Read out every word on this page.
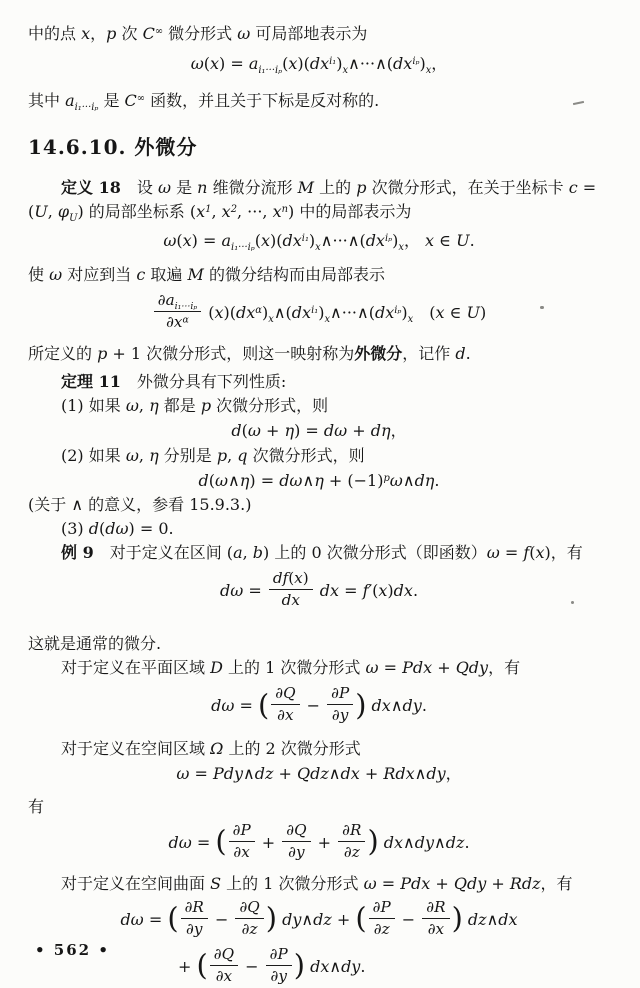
中的点 x，p 次 C∞ 微分形式 ω 可局部地表示为
$\omega(x) = a_{i_1\cdot\cdot\cdot i_p}(x)(dx^{i_1})_x\wedge\cdot\cdot\cdot\wedge(dx^{i_p})_x$，
其中 $a_{i_1\cdot\cdot\cdot i_p}$ 是 C∞ 函数，并且关于下标是反对称的.
14.6.10. 外微分
定义 18　设 ω 是 n 维微分流形 M 上的 p 次微分形式，在关于坐标卡 c =
(U, $\varphi_U$) 的局部坐标系 ($x^1$, $x^2$, ···, $x^n$) 中的局部表示为
$\omega(x) = a_{i_1\cdot\cdot\cdot i_p}(x)(dx^{i_1})_x\wedge\cdot\cdot\cdot\wedge(dx^{i_p})_x$， x ∈ U.
使 ω 对应到当 c 取遍 M 的微分结构而由局部表示
$\frac{\partial a_{i_1\cdot\cdot\cdot i_p}}{\partial x^\alpha}$ $(x)(dx^\alpha)_x\wedge(dx^{i_1})_x\wedge\cdot\cdot\cdot\wedge(dx^{i_p})_x$　(x ∈ U)
所定义的 p + 1 次微分形式，则这一映射称为外微分，记作 d.
定理 11　外微分具有下列性质:
(1) 如果 ω, η 都是 p 次微分形式，则
d(ω + η) = dω + dη，
(2) 如果 ω, η 分别是 p, q 次微分形式，则
d(ω∧η) = dω∧η + $(-1)^p\omega\wedge d\eta$.
(关于 ∧ 的意义，参看 15.9.3.)
(3) d(dω) = 0.
例 9　对于定义在区间 (a, b) 上的 0 次微分形式（即函数）ω = f(x)，有
$d\omega = \frac{df(x)}{dx}$ dx = f′(x)dx.
这就是通常的微分.
对于定义在平面区域 D 上的 1 次微分形式 ω = Pdx + Qdy，有
dω = ( $\frac{\partial Q}{\partial x} - \frac{\partial P}{\partial y}$ ) dx∧dy.
对于定义在空间区域 Ω 上的 2 次微分形式
ω = Pdy∧dz + Qdz∧dx + Rdx∧dy，
有
dω = ( $\frac{\partial P}{\partial x} + \frac{\partial Q}{\partial y} + \frac{\partial R}{\partial z}$ ) dx∧dy∧dz.
对于定义在空间曲面 S 上的 1 次微分形式 ω = Pdx + Qdy + Rdz，有
dω = ( $\frac{\partial R}{\partial y} - \frac{\partial Q}{\partial z}$ ) dy∧dz + ( $\frac{\partial P}{\partial z} - \frac{\partial R}{\partial x}$ ) dz∧dx
+ ( $\frac{\partial Q}{\partial x} - \frac{\partial P}{\partial y}$ ) dx∧dy.
• 562 •
